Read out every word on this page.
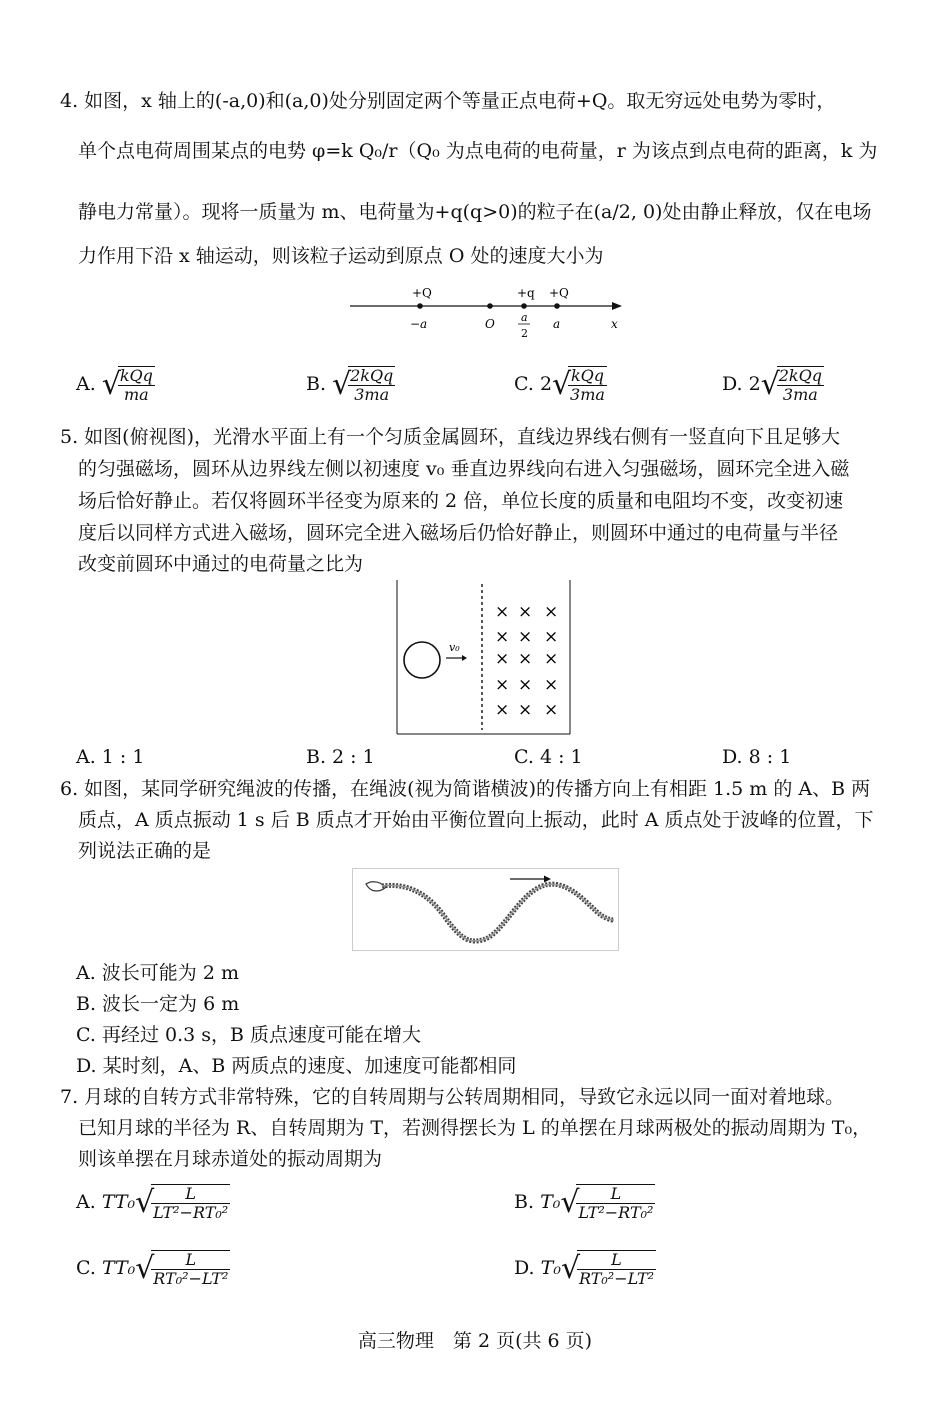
4. 如图，x 轴上的(-a,0)和(a,0)处分别固定两个等量正点电荷+Q。取无穷远处电势为零时，
单个点电荷周围某点的电势 φ=k Q₀/r（Q₀ 为点电荷的电荷量，r 为该点到点电荷的距离，k 为
静电力常量）。现将一质量为 m、电荷量为+q(q>0)的粒子在(a/2, 0)处由静止释放，仅在电场
力作用下沿 x 轴运动，则该粒子运动到原点 O 处的速度大小为
+Q
−a	O
+q
a
2
+Q
a	x
A. √ $\frac{\text{kQq}}{ma}$	B. √ $\frac{\text{2kQq}}{3ma}$	C. 2 √ $\frac{\text{kQq}}{3ma}$	D. 2 √ $\frac{\text{2kQq}}{3ma}$
5. 如图(俯视图)，光滑水平面上有一个匀质金属圆环，直线边界线右侧有一竖直向下且足够大
的匀强磁场，圆环从边界线左侧以初速度 v₀ 垂直边界线向右进入匀强磁场，圆环完全进入磁
场后恰好静止。若仅将圆环半径变为原来的 2 倍，单位长度的质量和电阻均不变，改变初速
度后以同样方式进入磁场，圆环完全进入磁场后仍恰好静止，则圆环中通过的电荷量与半径
改变前圆环中通过的电荷量之比为
v₀
× × ×
× × ×
× × ×
× × ×
× × ×
A. 1 : 1	B. 2 : 1	C. 4 : 1	D. 8 : 1
6. 如图，某同学研究绳波的传播，在绳波(视为简谐横波)的传播方向上有相距 1.5 m 的 A、B 两
质点，A 质点振动 1 s 后 B 质点才开始由平衡位置向上振动，此时 A 质点处于波峰的位置，下
列说法正确的是
A. 波长可能为 2 m
B. 波长一定为 6 m
C. 再经过 0.3 s，B 质点速度可能在增大
D. 某时刻，A、B 两质点的速度、加速度可能都相同
7. 月球的自转方式非常特殊，它的自转周期与公转周期相同，导致它永远以同一面对着地球。
已知月球的半径为 R、自转周期为 T，若测得摆长为 L 的单摆在月球两极处的振动周期为 T₀，
则该单摆在月球赤道处的振动周期为
A. TT₀ √ $\frac{L}{\text{LT²−RT₀²}}$	B. T₀ √ $\frac{L}{\text{LT²−RT₀²}}$
C. TT₀ √ $\frac{L}{\text{RT₀²−LT²}}$	D. T₀ √ $\frac{L}{\text{RT₀²−LT²}}$
高三物理　第 2 页(共 6 页)
